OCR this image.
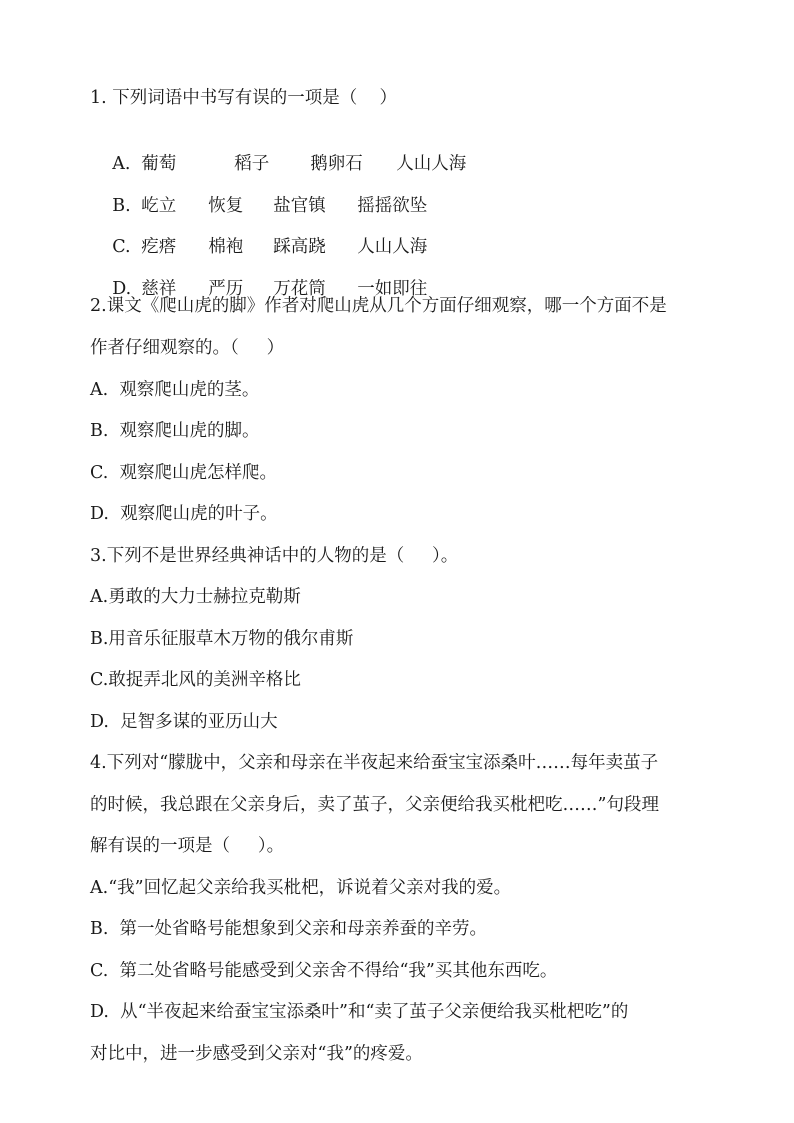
1. 下列词语中书写有误的一项是（    ）

A. 葡萄	稻子 鹅卵石 人山人海

B. 屹立 恢复 盐官镇 摇摇欲坠

C. 疙瘩 棉袍 踩高跷 人山人海

D. 慈祥 严历 万花筒 一如即往

2.课文《爬山虎的脚》作者对爬山虎从几个方面仔细观察，哪一个方面不是
作者仔细观察的。（     ）
A.  观察爬山虎的茎。
B.  观察爬山虎的脚。
C.  观察爬山虎怎样爬。
D.  观察爬山虎的叶子。
3.下列不是世界经典神话中的人物的是（     ）。
A.勇敢的大力士赫拉克勒斯
B.用音乐征服草木万物的俄尔甫斯
C.敢捉弄北风的美洲辛格比
D.  足智多谋的亚历山大
4.下列对“朦胧中，父亲和母亲在半夜起来给蚕宝宝添桑叶……每年卖茧子
的时候，我总跟在父亲身后，卖了茧子，父亲便给我买枇杷吃……”句段理
解有误的一项是（     ）。
A.“我”回忆起父亲给我买枇杷，诉说着父亲对我的爱。
B.  第一处省略号能想象到父亲和母亲养蚕的辛劳。
C.  第二处省略号能感受到父亲舍不得给“我”买其他东西吃。
D.  从“半夜起来给蚕宝宝添桑叶”和“卖了茧子父亲便给我买枇杷吃”的
对比中，进一步感受到父亲对“我”的疼爱。
